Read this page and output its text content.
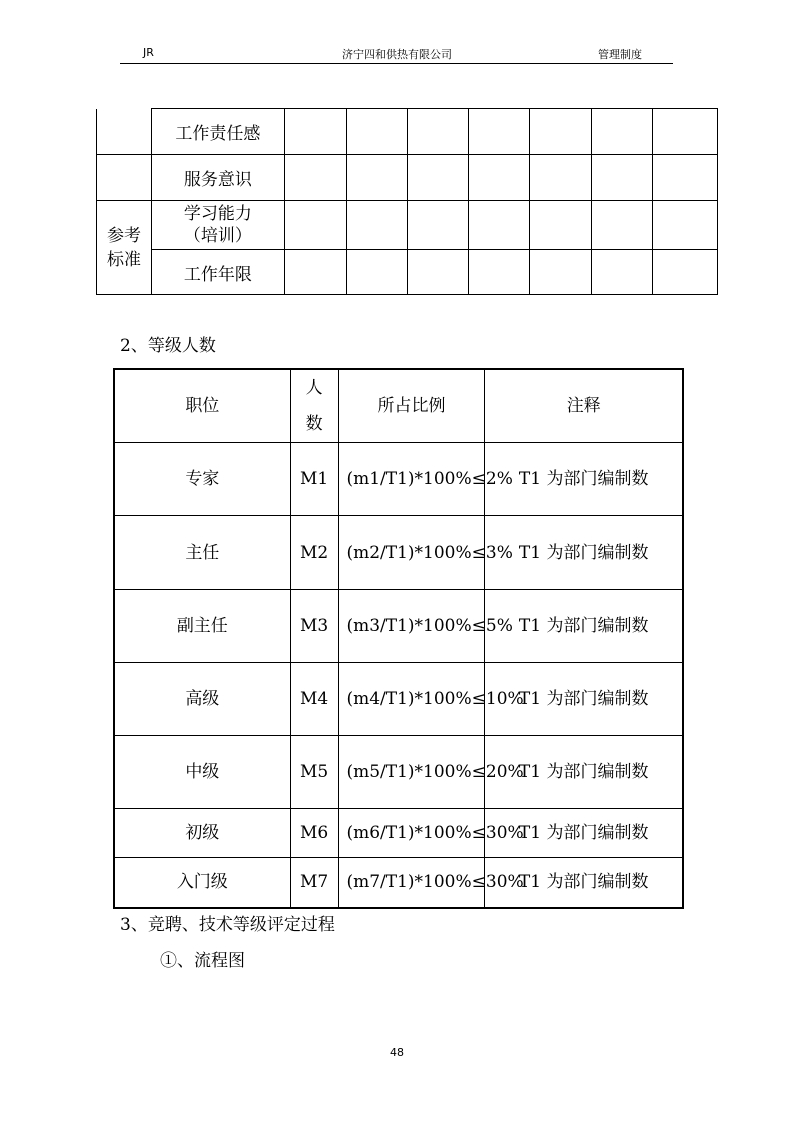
JR	济宁四和供热有限公司	管理制度
	工作责任感							
	服务意识							
参考标准	学习能力（培训）							
	工作年限							
2、等级人数
职位	人数	所占比例	注释
专家	M1	(m1/T1)*100%≤2%	T1 为部门编制数
主任	M2	(m2/T1)*100%≤3%	T1 为部门编制数
副主任	M3	(m3/T1)*100%≤5%	T1 为部门编制数
高级	M4	(m4/T1)*100%≤10%	T1 为部门编制数
中级	M5	(m5/T1)*100%≤20%	T1 为部门编制数
初级	M6	(m6/T1)*100%≤30%	T1 为部门编制数
入门级	M7	(m7/T1)*100%≤30%	T1 为部门编制数
3、竞聘、技术等级评定过程
①、流程图
48
